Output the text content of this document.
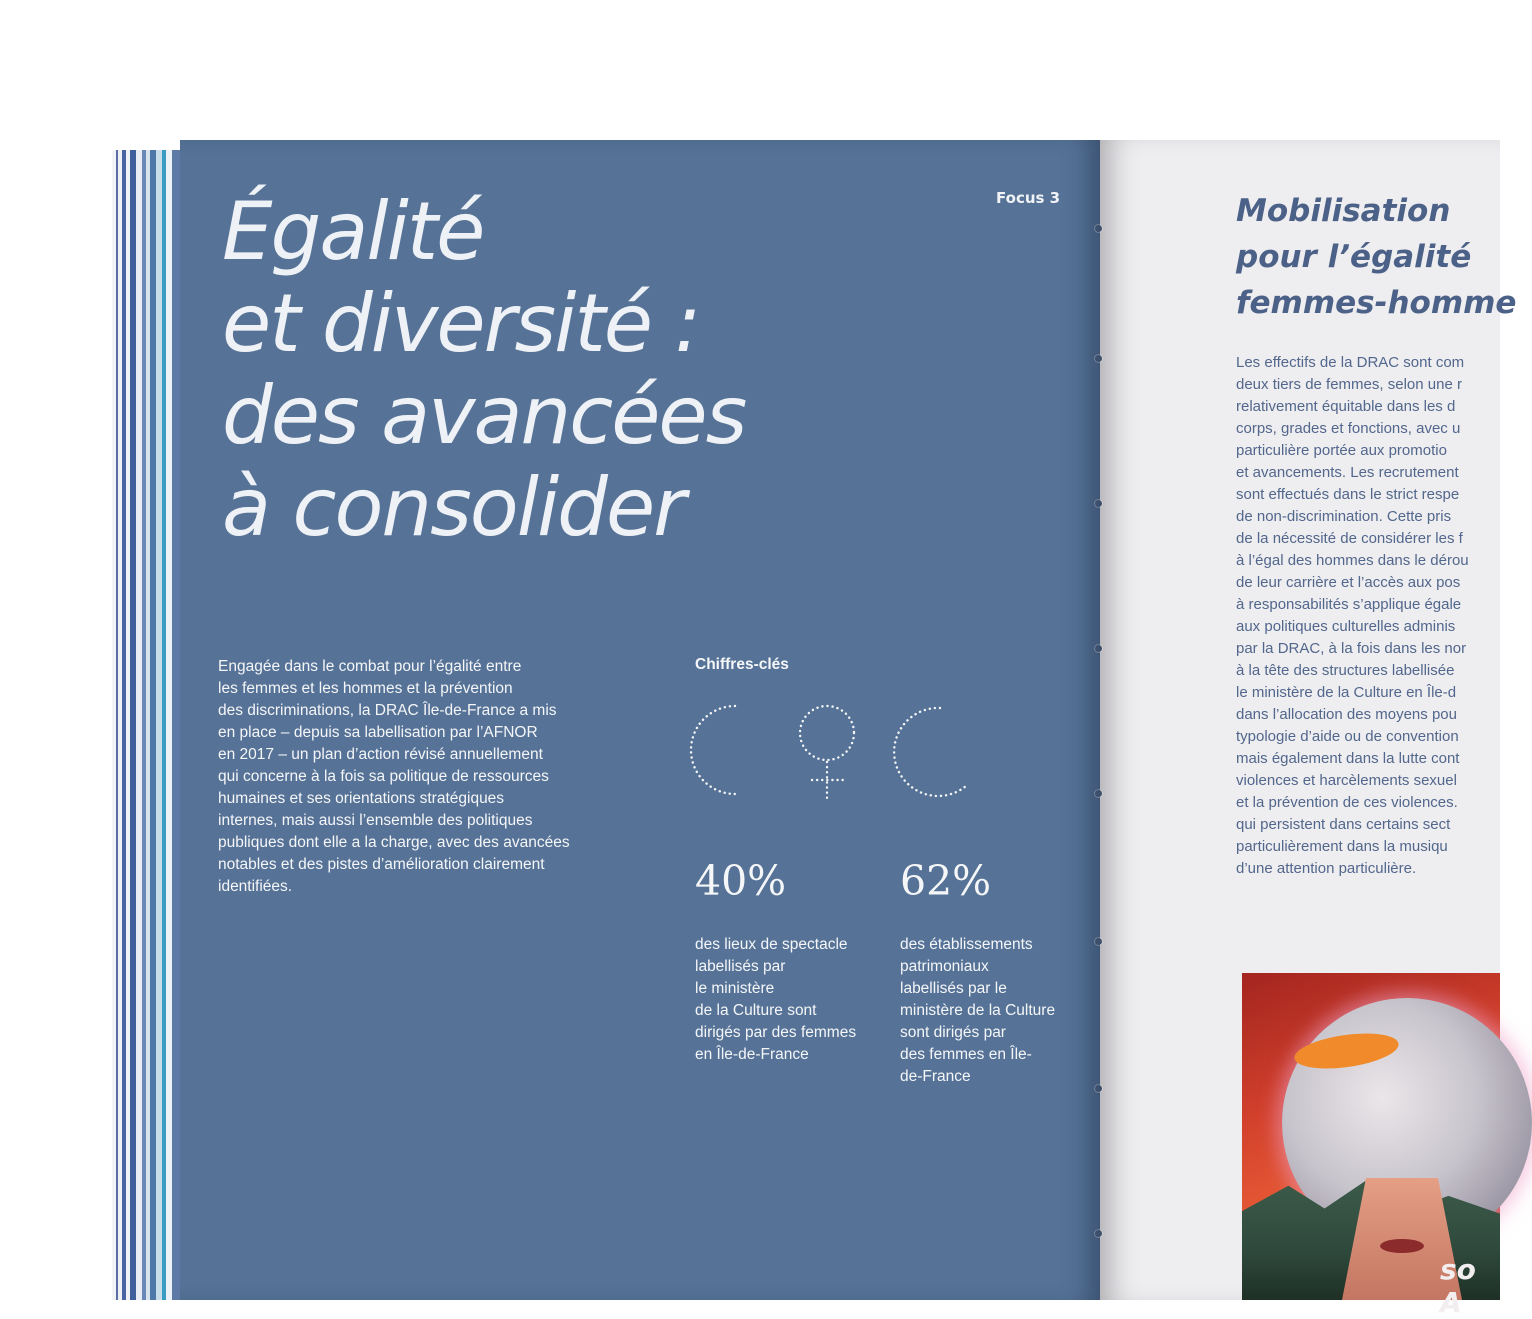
Égalité
et diversité :
des avancées
à consolider
Focus 3

Engagée dans le combat pour l’égalité entre
les femmes et les hommes et la prévention
des discriminations, la DRAC Île-de-France a mis
en place – depuis sa labellisation par l’AFNOR
en 2017 – un plan d’action révisé annuellement
qui concerne à la fois sa politique de ressources
humaines et ses orientations stratégiques
internes, mais aussi l’ensemble des politiques
publiques dont elle a la charge, avec des avancées
notables et des pistes d’amélioration clairement
identifiées.

Chiffres-clés
40%	62%
des lieux de spectacle
labellisés par
le ministère
de la Culture sont
dirigés par des femmes
en Île-de-France
des établissements
patrimoniaux
labellisés par le
ministère de la Culture
sont dirigés par
des femmes en Île-
de-France
Mobilisation
pour l’égalité
femmes-homme

Les effectifs de la DRAC sont com
deux tiers de femmes, selon une r
relativement équitable dans les d
corps, grades et fonctions, avec u
particulière portée aux promotio
et avancements. Les recrutement
sont effectués dans le strict respe
de non-discrimination. Cette pris
de la nécessité de considérer les f
à l’égal des hommes dans le dérou
de leur carrière et l’accès aux pos
à responsabilités s’applique égale
aux politiques culturelles adminis
par la DRAC, à la fois dans les nor
à la tête des structures labellisée
le ministère de la Culture en Île-d
dans l’allocation des moyens pou
typologie d’aide ou de convention
mais également dans la lutte cont
violences et harcèlements sexuel
et la prévention de ces violences.
qui persistent dans certains sect
particulièrement dans la musiqu
d’une attention particulière.

so A
